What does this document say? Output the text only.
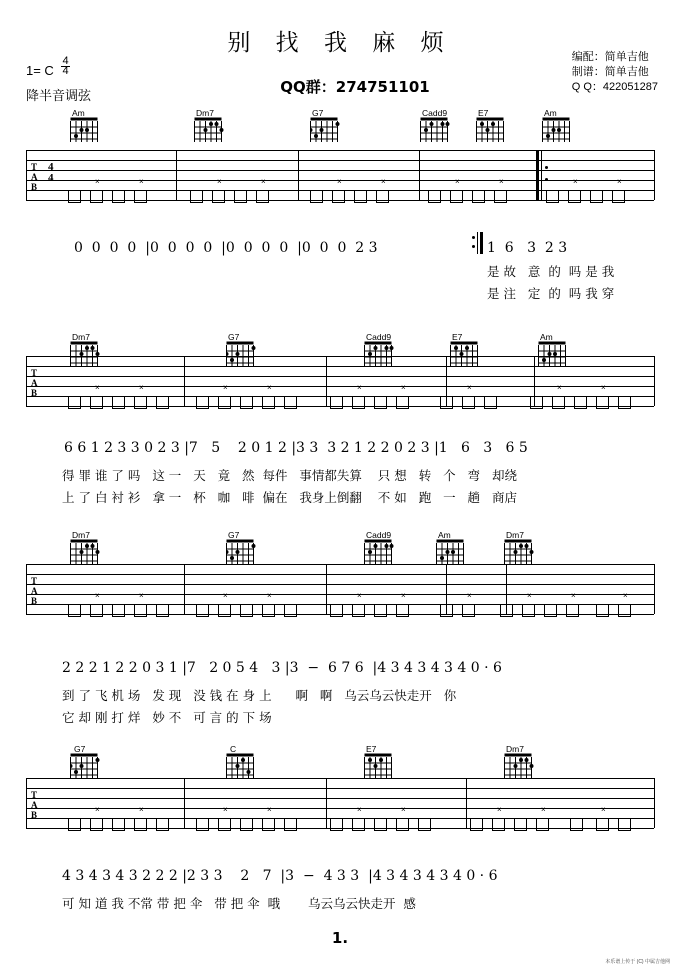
别 找 我 麻 烦
1= C $\frac{4}{4}$
降半音调弦	QQ群：274751101
编配：简单吉他
制谱：简单吉他
Q Q：422051287
Am	Dm7	G7	Cadd9	E7	Am
T
A
B
4
4	×	×	×	×	×	×	×	×	×	×
0  0  0  0  |0  0  0  0  |0  0  0  0  |0  0  0  2 3	1  6   3  2 3
是 故   意  的  吗 是 我
是 注   定  的  吗 我 穿
Dm7	G7	Cadd9	E7	Am
T
A
B
×	×	×	×	×	×	×	×	×
6 6 1 2 3 3 0 2 3 |7   5    2 0 1 2 |3 3  3 2 1 2 2 0 2 3 |1   6   3   6 5
得 罪 谁 了 吗   这 一   天   竟   然  每件   事情都失算    只 想   转   个   弯   却绕
上 了 白 衬 衫   拿 一   杯   咖   啡  偏在   我身上倒翻    不 如   跑   一   趟   商店
Dm7	G7	Cadd9	Am	Dm7
T
A
B
×	×	×	×	×	×	×	×	×	×
2 2 2 1 2 2 0 3 1 |7   2 0 5 4   3 |3  −  6 7 6  |4 3 4 3 4 3 4 0 · 6
到 了 飞 机 场   发 现   没 钱 在 身 上      啊   啊   乌云乌云快走开   你
它 却 刚 打 烊   妙 不   可 言 的 下 场
G7	C	E7	Dm7
T
A
B
×	×	×	×	×	×	×	×	×
4 3 4 3 4 3 2 2 2 |2 3 3    2   7  |3  −  4 3 3  |4 3 4 3 4 3 4 0 · 6
可 知 道 我 不常 带 把 伞   带 把 伞  哦       乌云乌云快走开  感
1.
本乐谱上传于 (C) 中属吉他网
